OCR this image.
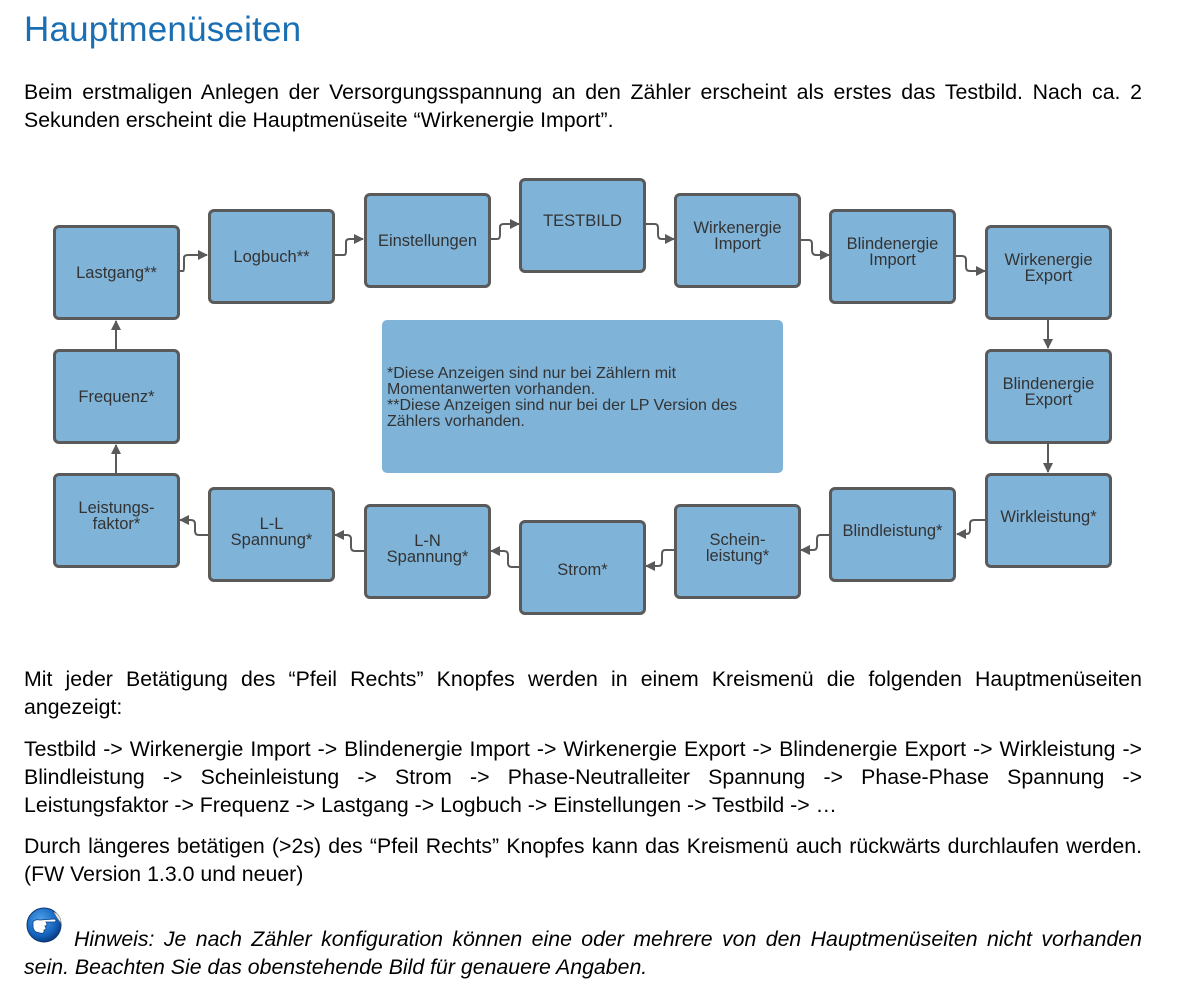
Hauptmenüseiten

Beim erstmaligen Anlegen der Versorgungsspannung an den Zähler erscheint als erstes das Testbild. Nach ca. 2 Sekunden erscheint die Hauptmenüseite “Wirkenergie Import”.

Lastgang**
Logbuch**
Einstellungen
TESTBILD	Wirkenergie
Import	Blindenergie
Import	Wirkenergie
Export
Blindenergie
Export
Wirkleistung*
Blindleistung*
Schein-
leistung*
Strom*
L-N
Spannung*
L-L
Spannung*
Leistungs-
faktor*
Frequenz*
*Diese Anzeigen sind nur bei Zählern mit
Momentanwerten vorhanden.
**Diese Anzeigen sind nur bei der LP Version des
Zählers vorhanden.

Mit jeder Betätigung des “Pfeil Rechts” Knopfes werden in einem Kreismenü die folgenden Hauptmenüseiten angezeigt:

Testbild -> Wirkenergie Import -> Blindenergie Import -> Wirkenergie Export -> Blindenergie Export -> Wirkleistung -> Blindleistung -> Scheinleistung -> Strom -> Phase-Neutralleiter Spannung -> Phase-Phase Spannung -> Leistungsfaktor -> Frequenz -> Lastgang -> Logbuch -> Einstellungen -> Testbild -> …

Durch längeres betätigen (>2s) des “Pfeil Rechts” Knopfes kann das Kreismenü auch rückwärts durchlaufen werden. (FW Version 1.3.0 und neuer)

Hinweis: Je nach Zähler konfiguration können eine oder mehrere von den Hauptmenüseiten nicht vorhanden sein. Beachten Sie das obenstehende Bild für genauere Angaben.
